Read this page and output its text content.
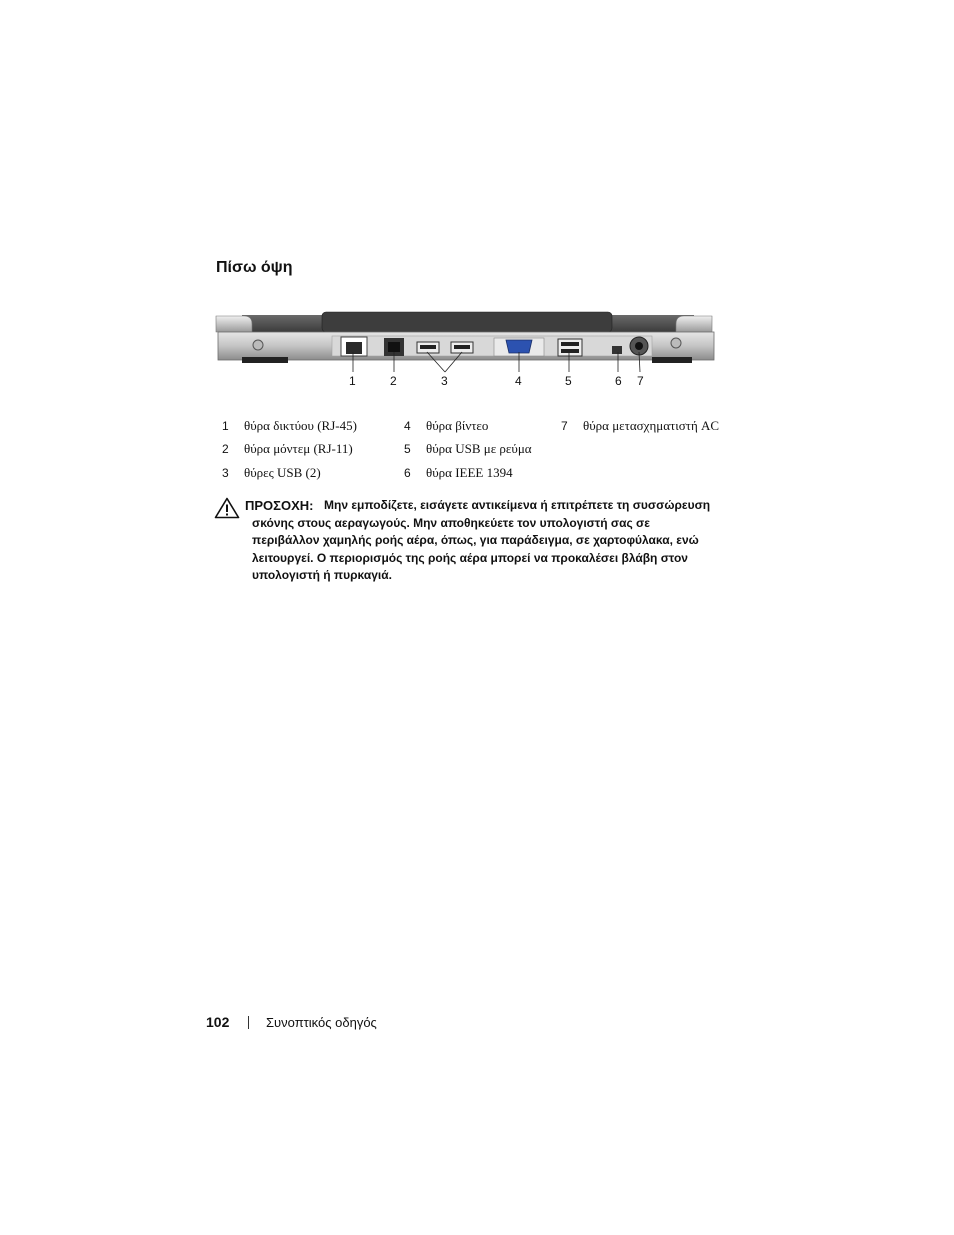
Πίσω όψη
1	2	3	4	5	6 7
1	θύρα δικτύου (RJ-45)	4	θύρα βίντεο	7	θύρα μετασχηματιστή AC
2	θύρα μόντεμ (RJ-11)	5	θύρα USB με ρεύμα		
3	θύρες USB (2)	6	θύρα IEEE 1394		
ΠΡΟΣΟΧΗ: Μην εμποδίζετε, εισάγετε αντικείμενα ή επιτρέπετε τη συσσώρευση σκόνης στους αεραγωγούς. Μην αποθηκεύετε τον υπολογιστή σας σε περιβάλλον χαμηλής ροής αέρα, όπως, για παράδειγμα, σε χαρτοφύλακα, ενώ λειτουργεί. Ο περιορισμός της ροής αέρα μπορεί να προκαλέσει βλάβη στον υπολογιστή ή πυρκαγιά.
102	Συνοπτικός οδηγός
